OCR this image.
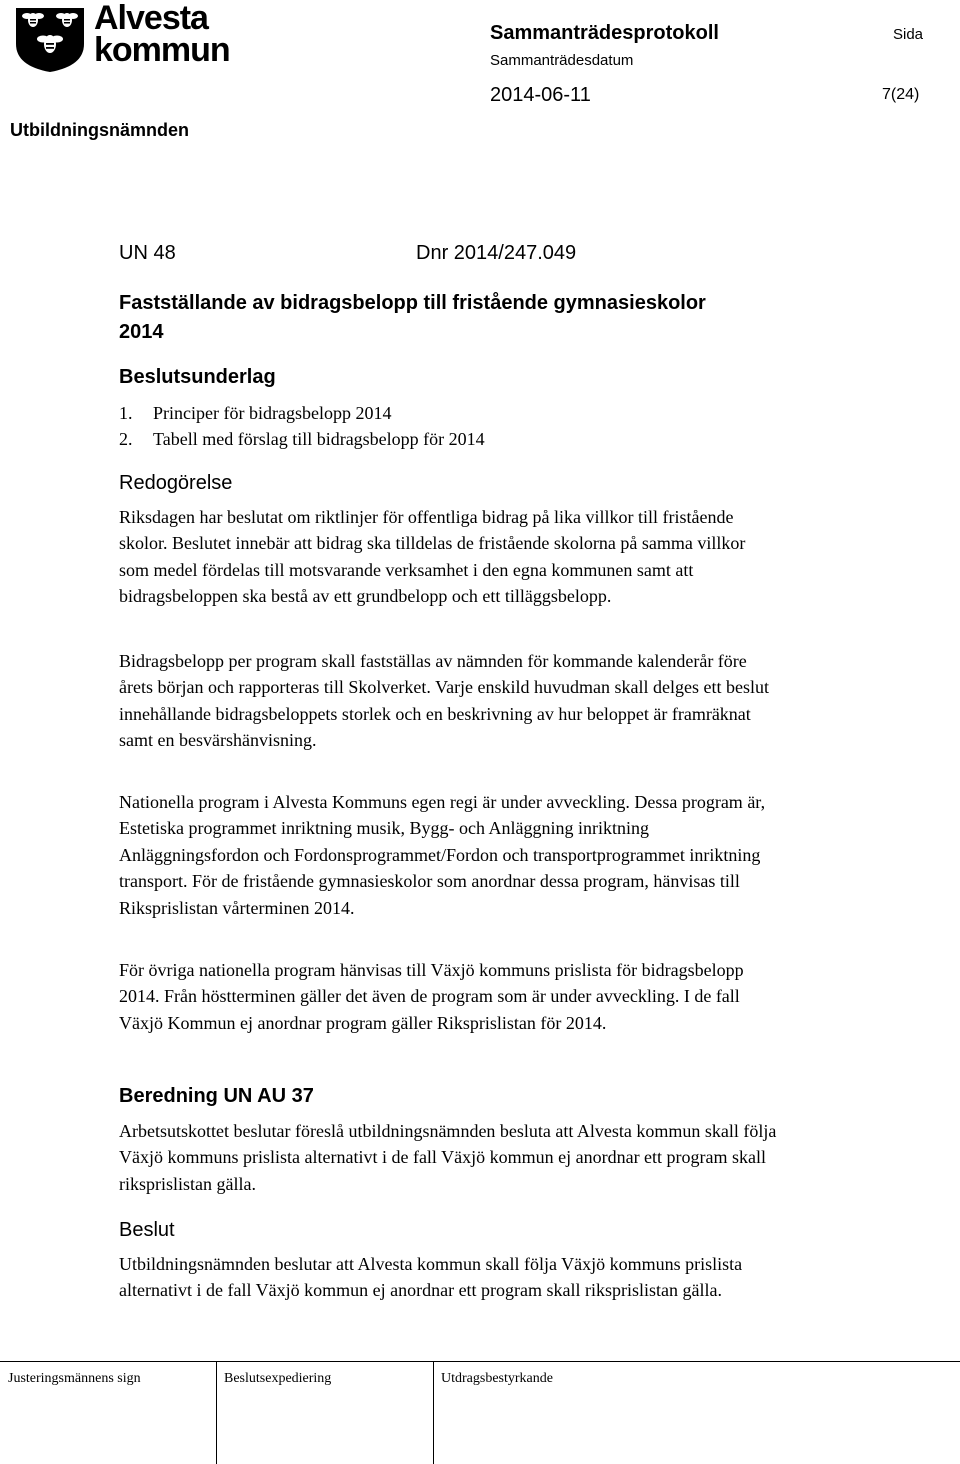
Alvesta kommun	Sammanträdesprotokoll	Sida
Sammanträdesdatum
2014-06-11	7(24)
Utbildningsnämnden
UN 48	Dnr 2014/247.049
Fastställande av bidragsbelopp till fristående gymnasieskolor 2014
Beslutsunderlag
1. Principer för bidragsbelopp 2014
2. Tabell med förslag till bidragsbelopp för 2014
Redogörelse

Riksdagen har beslutat om riktlinjer för offentliga bidrag på lika villkor till fristående skolor. Beslutet innebär att bidrag ska tilldelas de fristående skolorna på samma villkor som medel fördelas till motsvarande verksamhet i den egna kommunen samt att bidragsbeloppen ska bestå av ett grundbelopp och ett tilläggsbelopp.

Bidragsbelopp per program skall fastställas av nämnden för kommande kalenderår före årets början och rapporteras till Skolverket. Varje enskild huvudman skall delges ett beslut innehållande bidragsbeloppets storlek och en beskrivning av hur beloppet är framräknat samt en besvärshänvisning.

Nationella program i Alvesta Kommuns egen regi är under avveckling. Dessa program är, Estetiska programmet inriktning musik, Bygg- och Anläggning inriktning Anläggningsfordon och Fordonsprogrammet/Fordon och transportprogrammet inriktning transport. För de fristående gymnasieskolor som anordnar dessa program, hänvisas till Riksprislistan vårterminen 2014.

För övriga nationella program hänvisas till Växjö kommuns prislista för bidragsbelopp 2014. Från höstterminen gäller det även de program som är under avveckling. I de fall Växjö Kommun ej anordnar program gäller Riksprislistan för 2014.

Beredning UN AU 37

Arbetsutskottet beslutar föreslå utbildningsnämnden besluta att Alvesta kommun skall följa Växjö kommuns prislista alternativt i de fall Växjö kommun ej anordnar ett program skall riksprislistan gälla.

Beslut

Utbildningsnämnden beslutar att Alvesta kommun skall följa Växjö kommuns prislista alternativt i de fall Växjö kommun ej anordnar ett program skall riksprislistan gälla.

Justeringsmännens sign	Beslutsexpediering	Utdragsbestyrkande
